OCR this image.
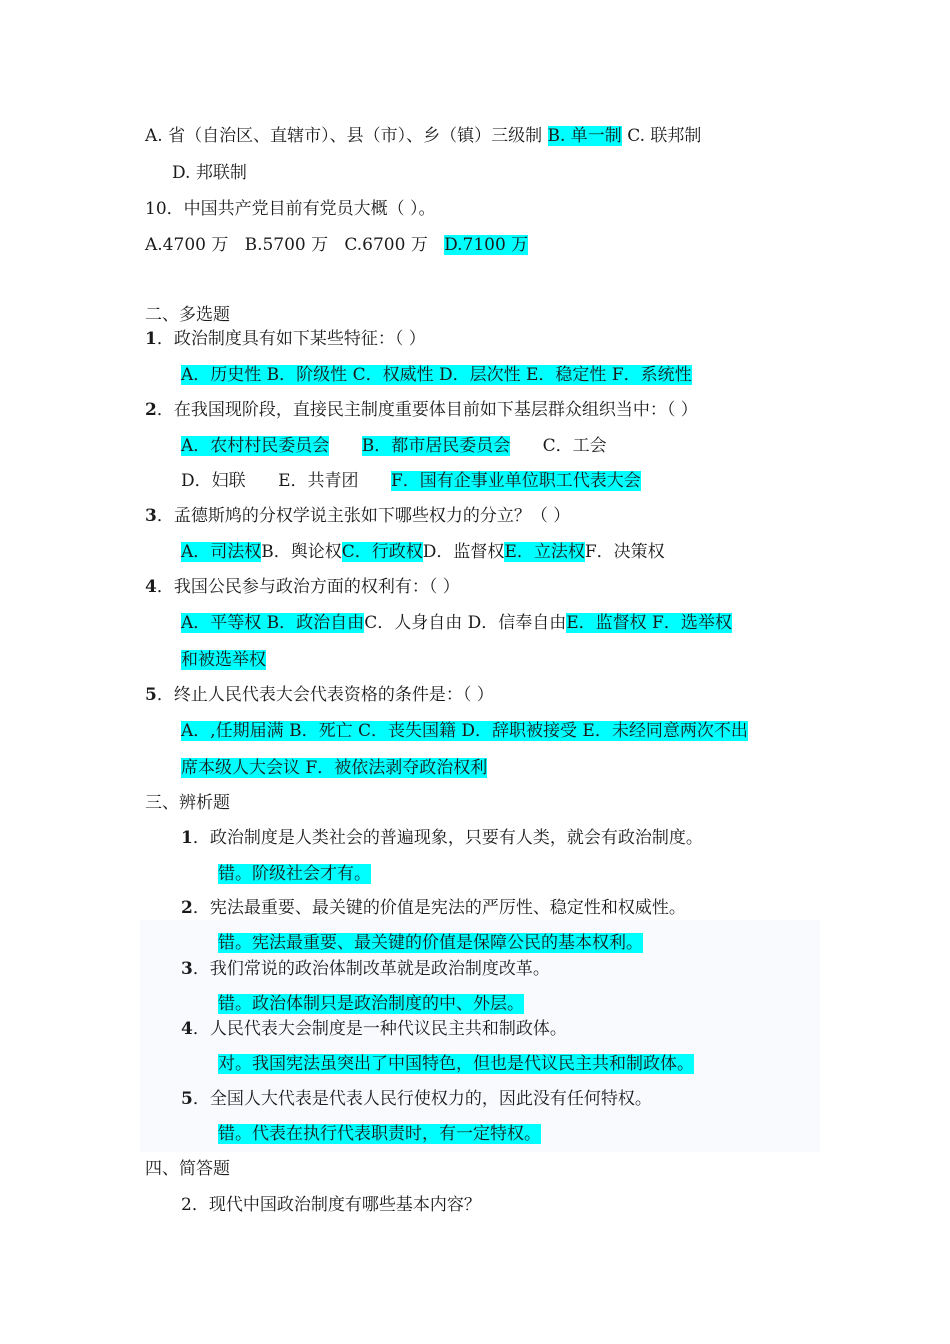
A. 省（自治区、直辖市）、县（市）、乡（镇）三级制 B. 单一制 C. 联邦制
D. 邦联制
10．中国共产党目前有党员大概（ ）。
A.4700 万 B.5700 万 C.6700 万 D.7100 万
二、多选题
1．政治制度具有如下某些特征：（ ）
A．历史性 B．阶级性 C．权威性 D．层次性 E．稳定性 F．系统性
2．在我国现阶段，直接民主制度重要体目前如下基层群众组织当中：（ ）
A．农村村民委员会 B．都市居民委员会 C．工会
D．妇联 E．共青团 F．国有企事业单位职工代表大会
3．孟德斯鸠的分权学说主张如下哪些权力的分立？（ ）
A．司法权B．舆论权C．行政权D．监督权E．立法权F．决策权
4．我国公民参与政治方面的权利有：（ ）
A．平等权 B．政治自由C．人身自由 D．信奉自由E．监督权 F．选举权
和被选举权
5．终止人民代表大会代表资格的条件是：（ ）
A．,任期届满 B．死亡 C．丧失国籍 D．辞职被接受 E．未经同意两次不出
席本级人大会议 F．被依法剥夺政治权利
三、辨析题
1．政治制度是人类社会的普遍现象，只要有人类，就会有政治制度。
错。阶级社会才有。
2．宪法最重要、最关键的价值是宪法的严厉性、稳定性和权威性。
错。宪法最重要、最关键的价值是保障公民的基本权利。
3．我们常说的政治体制改革就是政治制度改革。
错。政治体制只是政治制度的中、外层。
4．人民代表大会制度是一种代议民主共和制政体。
对。我国宪法虽突出了中国特色，但也是代议民主共和制政体。
5．全国人大代表是代表人民行使权力的，因此没有任何特权。
错。代表在执行代表职责时，有一定特权。
四、简答题
2．现代中国政治制度有哪些基本内容？
